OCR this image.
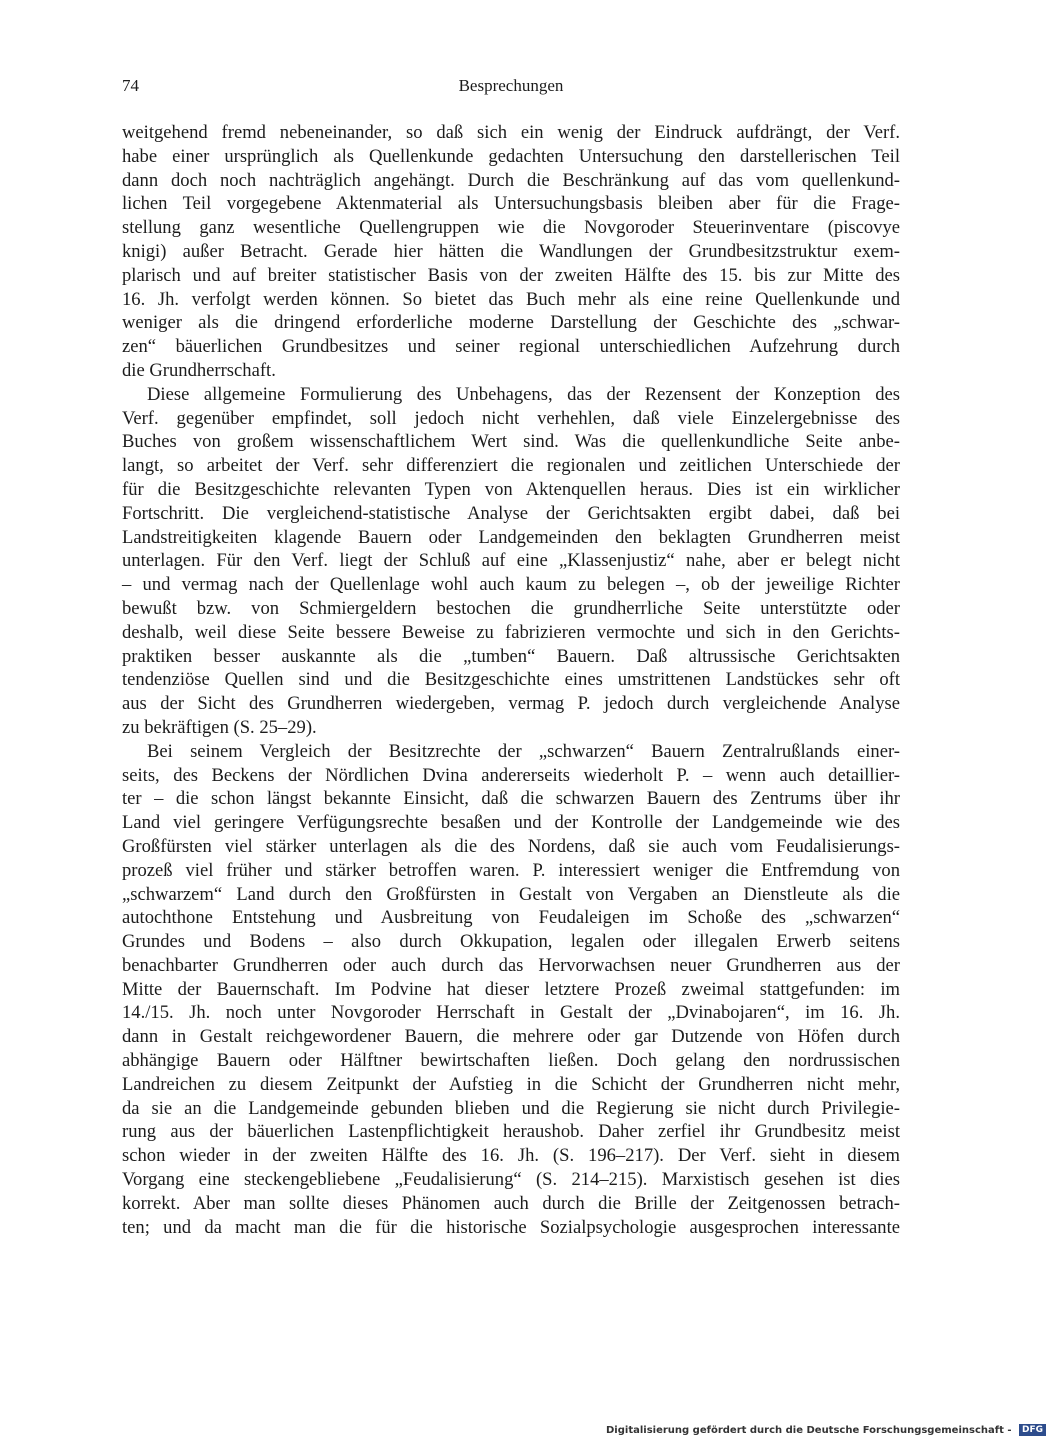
74	Besprechungen
weitgehend fremd nebeneinander, so daß sich ein wenig der Eindruck aufdrängt, der Verf.
habe einer ursprünglich als Quellenkunde gedachten Untersuchung den darstellerischen Teil
dann doch noch nachträglich angehängt. Durch die Beschränkung auf das vom quellenkund-
lichen Teil vorgegebene Aktenmaterial als Untersuchungsbasis bleiben aber für die Frage-
stellung ganz wesentliche Quellengruppen wie die Novgoroder Steuerinventare (piscovye
knigi) außer Betracht. Gerade hier hätten die Wandlungen der Grundbesitzstruktur exem-
plarisch und auf breiter statistischer Basis von der zweiten Hälfte des 15. bis zur Mitte des
16. Jh. verfolgt werden können. So bietet das Buch mehr als eine reine Quellenkunde und
weniger als die dringend erforderliche moderne Darstellung der Geschichte des „schwar-
zen“ bäuerlichen Grundbesitzes und seiner regional unterschiedlichen Aufzehrung durch
die Grundherrschaft.
Diese allgemeine Formulierung des Unbehagens, das der Rezensent der Konzeption des
Verf. gegenüber empfindet, soll jedoch nicht verhehlen, daß viele Einzelergebnisse des
Buches von großem wissenschaftlichem Wert sind. Was die quellenkundliche Seite anbe-
langt, so arbeitet der Verf. sehr differenziert die regionalen und zeitlichen Unterschiede der
für die Besitzgeschichte relevanten Typen von Aktenquellen heraus. Dies ist ein wirklicher
Fortschritt. Die vergleichend-statistische Analyse der Gerichtsakten ergibt dabei, daß bei
Landstreitigkeiten klagende Bauern oder Landgemeinden den beklagten Grundherren meist
unterlagen. Für den Verf. liegt der Schluß auf eine „Klassenjustiz“ nahe, aber er belegt nicht
– und vermag nach der Quellenlage wohl auch kaum zu belegen –, ob der jeweilige Richter
bewußt bzw. von Schmiergeldern bestochen die grundherrliche Seite unterstützte oder
deshalb, weil diese Seite bessere Beweise zu fabrizieren vermochte und sich in den Gerichts-
praktiken besser auskannte als die „tumben“ Bauern. Daß altrussische Gerichtsakten
tendenziöse Quellen sind und die Besitzgeschichte eines umstrittenen Landstückes sehr oft
aus der Sicht des Grundherren wiedergeben, vermag P. jedoch durch vergleichende Analyse
zu bekräftigen (S. 25–29).
Bei seinem Vergleich der Besitzrechte der „schwarzen“ Bauern Zentralrußlands einer-
seits, des Beckens der Nördlichen Dvina andererseits wiederholt P. – wenn auch detaillier-
ter – die schon längst bekannte Einsicht, daß die schwarzen Bauern des Zentrums über ihr
Land viel geringere Verfügungsrechte besaßen und der Kontrolle der Landgemeinde wie des
Großfürsten viel stärker unterlagen als die des Nordens, daß sie auch vom Feudalisierungs-
prozeß viel früher und stärker betroffen waren. P. interessiert weniger die Entfremdung von
„schwarzem“ Land durch den Großfürsten in Gestalt von Vergaben an Dienstleute als die
autochthone Entstehung und Ausbreitung von Feudaleigen im Schoße des „schwarzen“
Grundes und Bodens – also durch Okkupation, legalen oder illegalen Erwerb seitens
benachbarter Grundherren oder auch durch das Hervorwachsen neuer Grundherren aus der
Mitte der Bauernschaft. Im Podvine hat dieser letztere Prozeß zweimal stattgefunden: im
14./15. Jh. noch unter Novgoroder Herrschaft in Gestalt der „Dvinabojaren“, im 16. Jh.
dann in Gestalt reichgewordener Bauern, die mehrere oder gar Dutzende von Höfen durch
abhängige Bauern oder Hälftner bewirtschaften ließen. Doch gelang den nordrussischen
Landreichen zu diesem Zeitpunkt der Aufstieg in die Schicht der Grundherren nicht mehr,
da sie an die Landgemeinde gebunden blieben und die Regierung sie nicht durch Privilegie-
rung aus der bäuerlichen Lastenpflichtigkeit heraushob. Daher zerfiel ihr Grundbesitz meist
schon wieder in der zweiten Hälfte des 16. Jh. (S. 196–217). Der Verf. sieht in diesem
Vorgang eine steckengebliebene „Feudalisierung“ (S. 214–215). Marxistisch gesehen ist dies
korrekt. Aber man sollte dieses Phänomen auch durch die Brille der Zeitgenossen betrach-
ten; und da macht man die für die historische Sozialpsychologie ausgesprochen interessante
Digitalisierung gefördert durch die Deutsche Forschungsgemeinschaft - DFG
